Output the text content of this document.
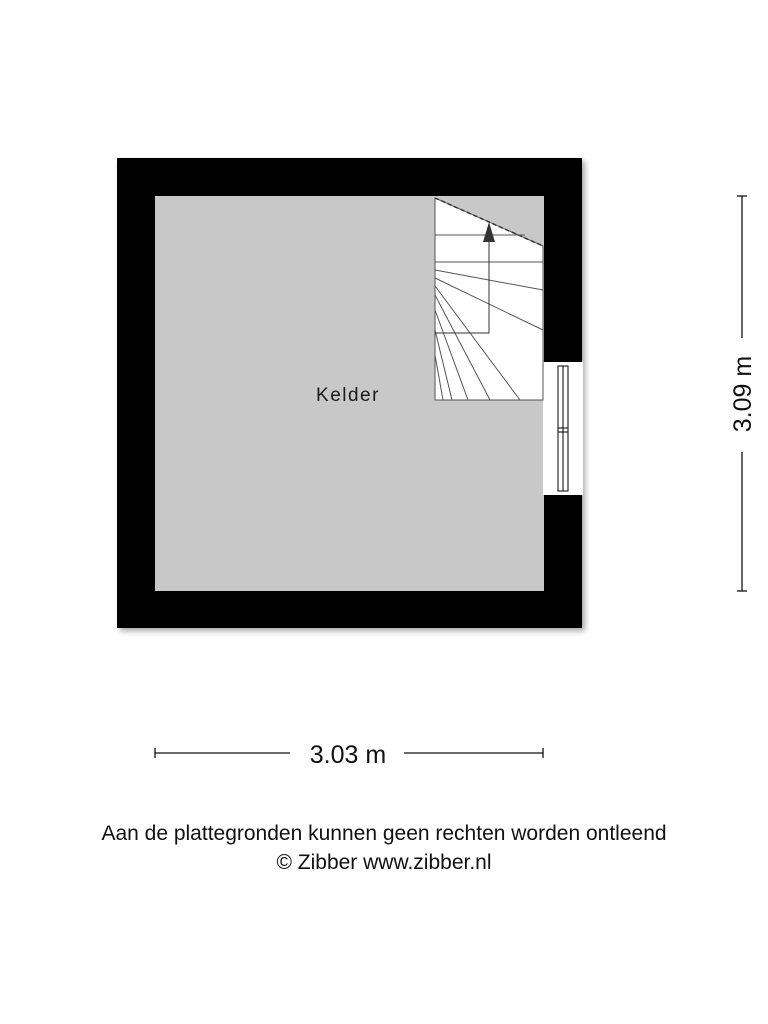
Kelder	3.09 m
3.03 m
Aan de plattegronden kunnen geen rechten worden ontleend
© Zibber www.zibber.nl
